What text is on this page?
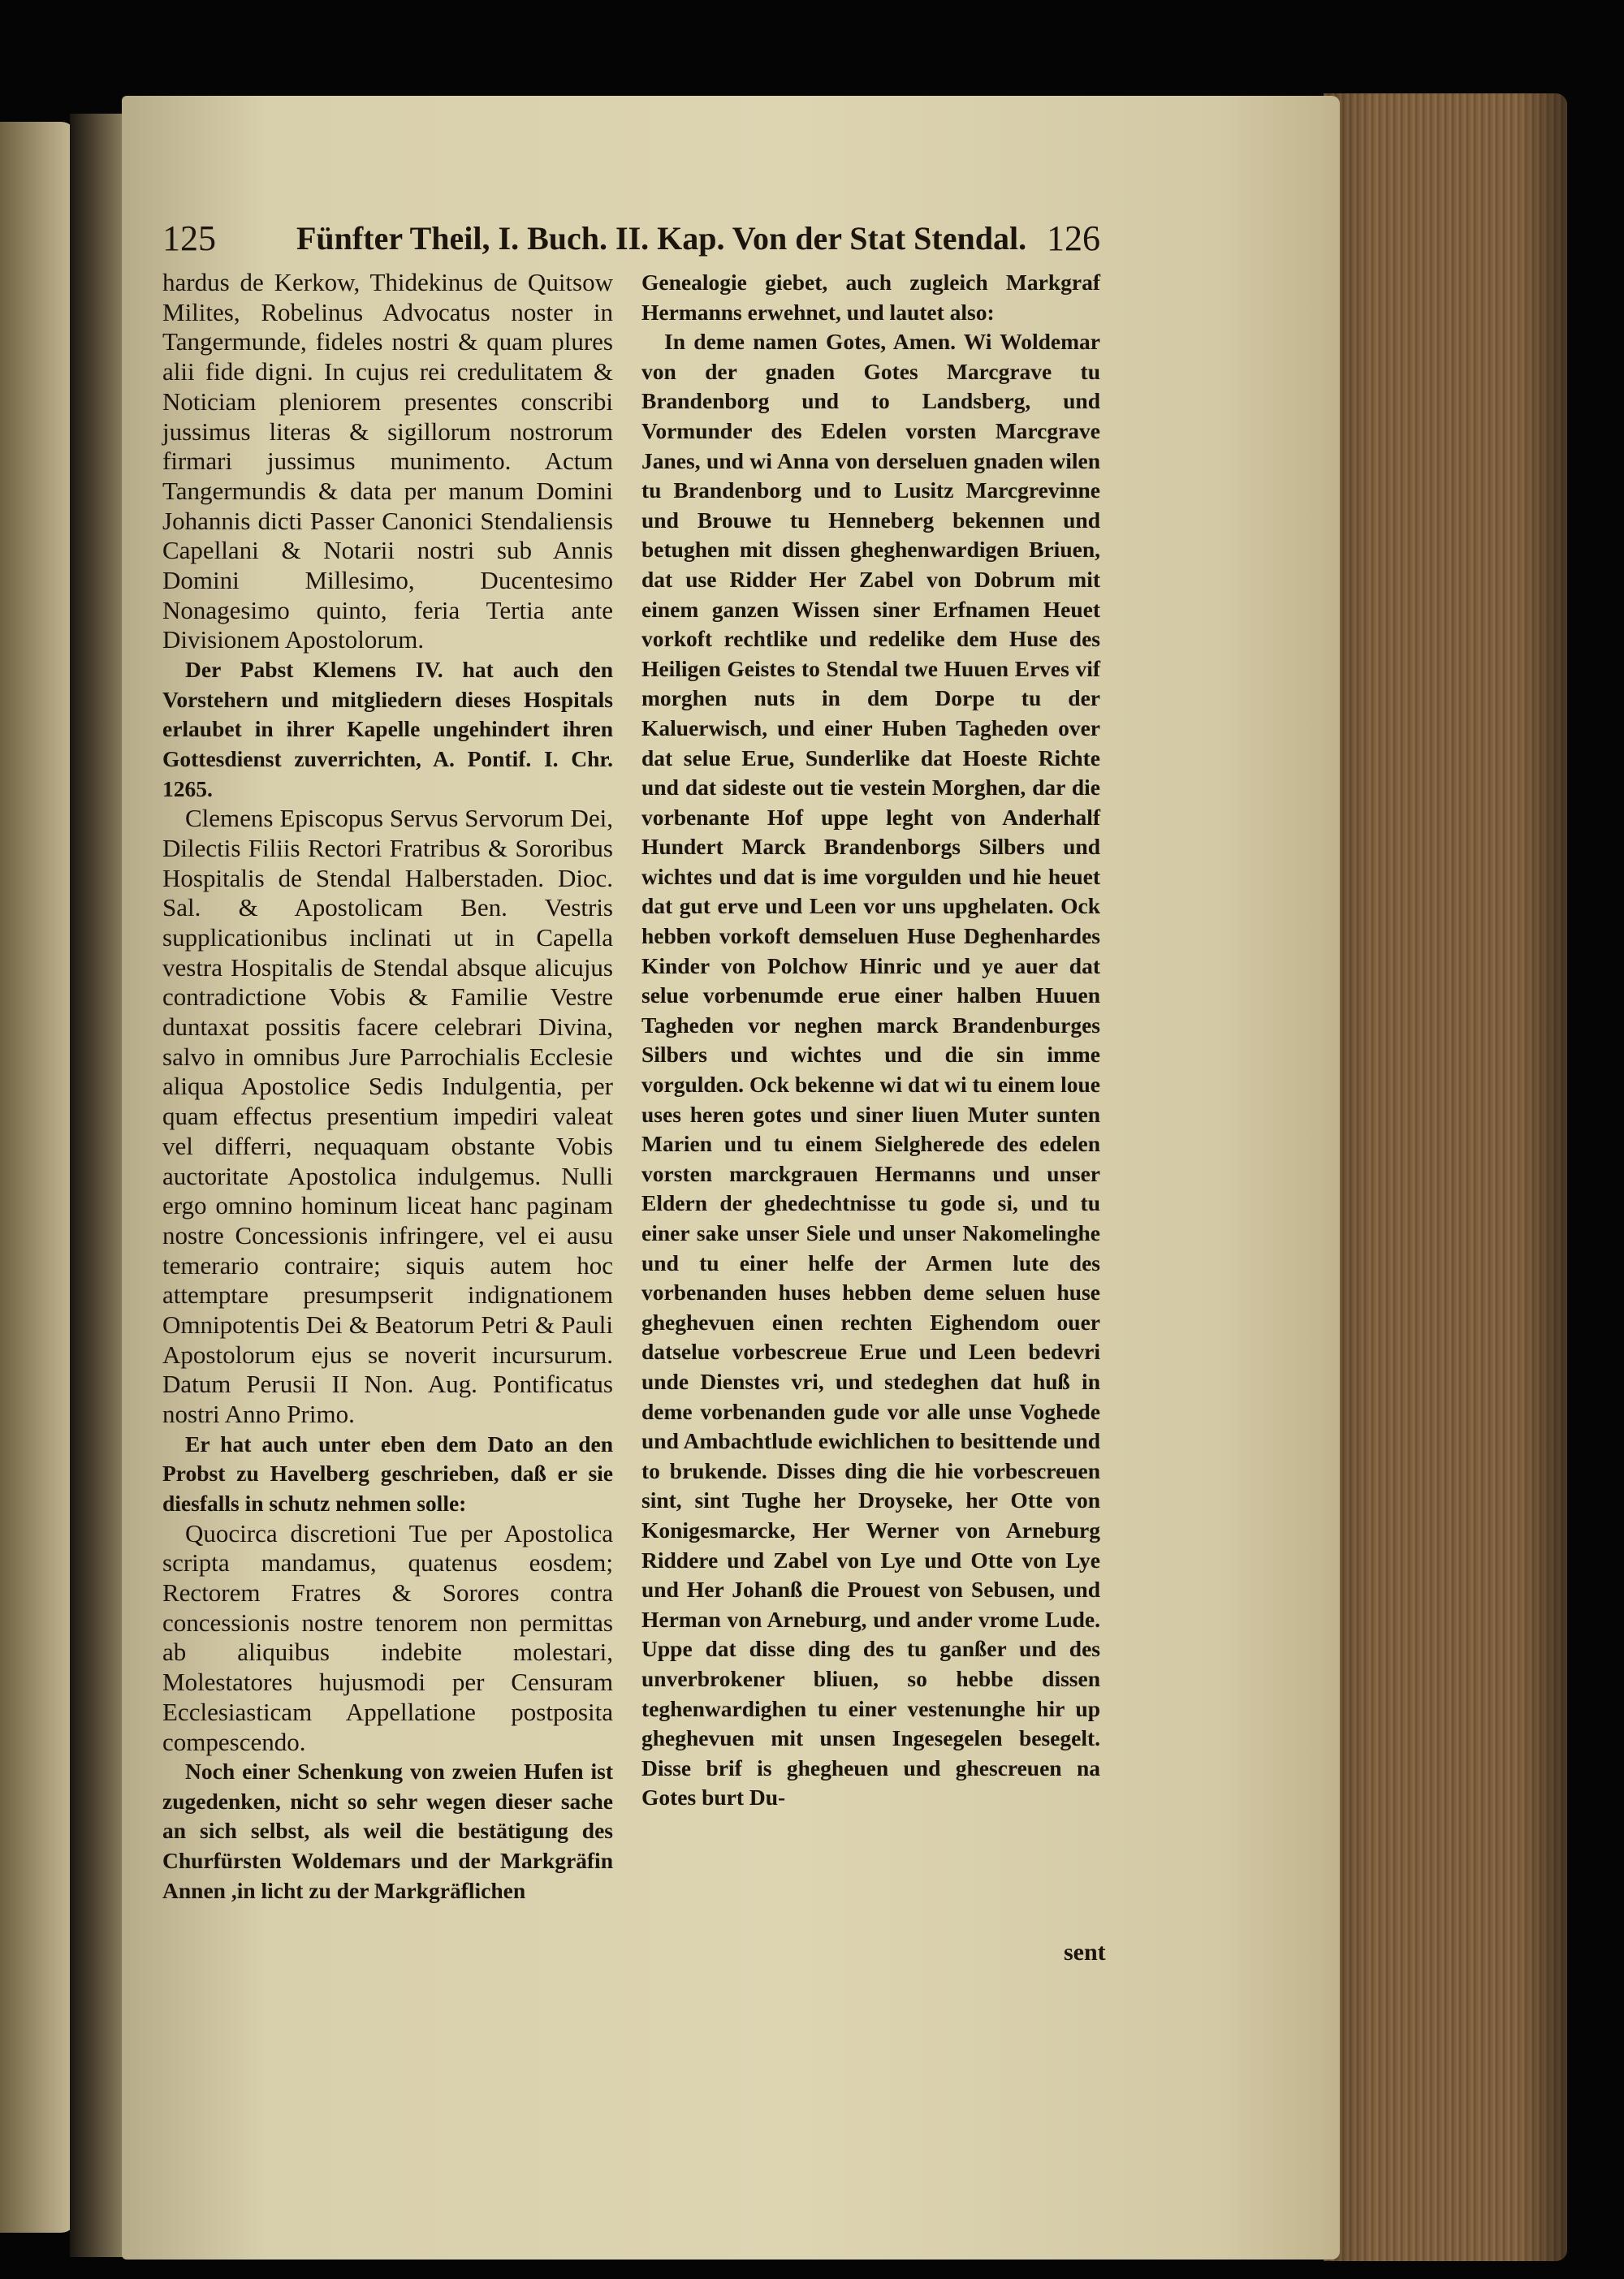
125 Fünfter Theil, I. Buch. II. Kap. Von der Stat Stendal. 126

hardus de Kerkow, Thidekinus de Quitsow Milites, Robelinus Advocatus noster in Tangermunde, fideles nostri & quam plures alii fide digni. In cujus rei credulitatem & Noticiam pleniorem presentes conscribi jussimus literas & sigillorum nostrorum firmari jussimus munimento. Actum Tangermundis & data per manum Domini Johannis dicti Passer Canonici Stendaliensis Capellani & Notarii nostri sub Annis Domini Millesimo, Ducentesimo Nonagesimo quinto, feria Tertia ante Divisionem Apostolorum.

Der Pabst Klemens IV. hat auch den Vorstehern und mitgliedern dieses Hospitals erlaubet in ihrer Kapelle ungehindert ihren Gottesdienst zuverrichten, A. Pontif. I. Chr. 1265.

Clemens Episcopus Servus Servorum Dei, Dilectis Filiis Rectori Fratribus & Sororibus Hospitalis de Stendal Halberstaden. Dioc. Sal. & Apostolicam Ben. Vestris supplicationibus inclinati ut in Capella vestra Hospitalis de Stendal absque alicujus contradictione Vobis & Familie Vestre duntaxat possitis facere celebrari Divina, salvo in omnibus Jure Parrochialis Ecclesie aliqua Apostolice Sedis Indulgentia, per quam effectus presentium impediri valeat vel differri, nequaquam obstante Vobis auctoritate Apostolica indulgemus. Nulli ergo omnino hominum liceat hanc paginam nostre Concessionis infringere, vel ei ausu temerario contraire; siquis autem hoc attemptare presumpserit indignationem Omnipotentis Dei & Beatorum Petri & Pauli Apostolorum ejus se noverit incursurum. Datum Perusii II Non. Aug. Pontificatus nostri Anno Primo.

Er hat auch unter eben dem Dato an den Probst zu Havelberg geschrieben, daß er sie diesfalls in schutz nehmen solle:

Quocirca discretioni Tue per Apostolica scripta mandamus, quatenus eosdem; Rectorem Fratres & Sorores contra concessionis nostre tenorem non permittas ab aliquibus indebite molestari, Molestatores hujusmodi per Censuram Ecclesiasticam Appellatione postposita compescendo.

Noch einer Schenkung von zweien Hufen ist zugedenken, nicht so sehr wegen dieser sache an sich selbst, als weil die bestätigung des Churfürsten Woldemars und der Markgräfin Annen ,in licht zu der Markgräflichen

Genealogie giebet, auch zugleich Markgraf Hermanns erwehnet, und lautet also:

In deme namen Gotes, Amen. Wi Woldemar von der gnaden Gotes Marcgrave tu Brandenborg und to Landsberg, und Vormunder des Edelen vorsten Marcgrave Janes, und wi Anna von derseluen gnaden wilen tu Brandenborg und to Lusitz Marcgrevinne und Brouwe tu Henneberg bekennen und betughen mit dissen gheghenwardigen Briuen, dat use Ridder Her Zabel von Dobrum mit einem ganzen Wissen siner Erfnamen Heuet vorkoft rechtlike und redelike dem Huse des Heiligen Geistes to Stendal twe Huuen Erves vif morghen nuts in dem Dorpe tu der Kaluerwisch, und einer Huben Tagheden over dat selue Erue, Sunderlike dat Hoeste Richte und dat sideste out tie vestein Morghen, dar die vorbenante Hof uppe leght von Anderhalf Hundert Marck Brandenborgs Silbers und wichtes und dat is ime vorgulden und hie heuet dat gut erve und Leen vor uns upghelaten. Ock hebben vorkoft demseluen Huse Deghenhardes Kinder von Polchow Hinric und ye auer dat selue vorbenumde erue einer halben Huuen Tagheden vor neghen marck Brandenburges Silbers und wichtes und die sin imme vorgulden. Ock bekenne wi dat wi tu einem loue uses heren gotes und siner liuen Muter sunten Marien und tu einem Sielgherede des edelen vorsten marckgrauen Hermanns und unser Eldern der ghedechtnisse tu gode si, und tu einer sake unser Siele und unser Nakomelinghe und tu einer helfe der Armen lute des vorbenanden huses hebben deme seluen huse gheghevuen einen rechten Eighendom ouer datselue vorbescreue Erue und Leen bedevri unde Dienstes vri, und stedeghen dat huß in deme vorbenanden gude vor alle unse Voghede und Ambachtlude ewichlichen to besittende und to brukende. Disses ding die hie vorbescreuen sint, sint Tughe her Droyseke, her Otte von Konigesmarcke, Her Werner von Arneburg Riddere und Zabel von Lye und Otte von Lye und Her Johanß die Prouest von Sebusen, und Herman von Arneburg, und ander vrome Lude. Uppe dat disse ding des tu ganßer und des unverbrokener bliuen, so hebbe dissen teghenwardighen tu einer vestenunghe hir up gheghevuen mit unsen Ingesegelen besegelt. Disse brif is ghegheuen und ghescreuen na Gotes burt Du-

sent
